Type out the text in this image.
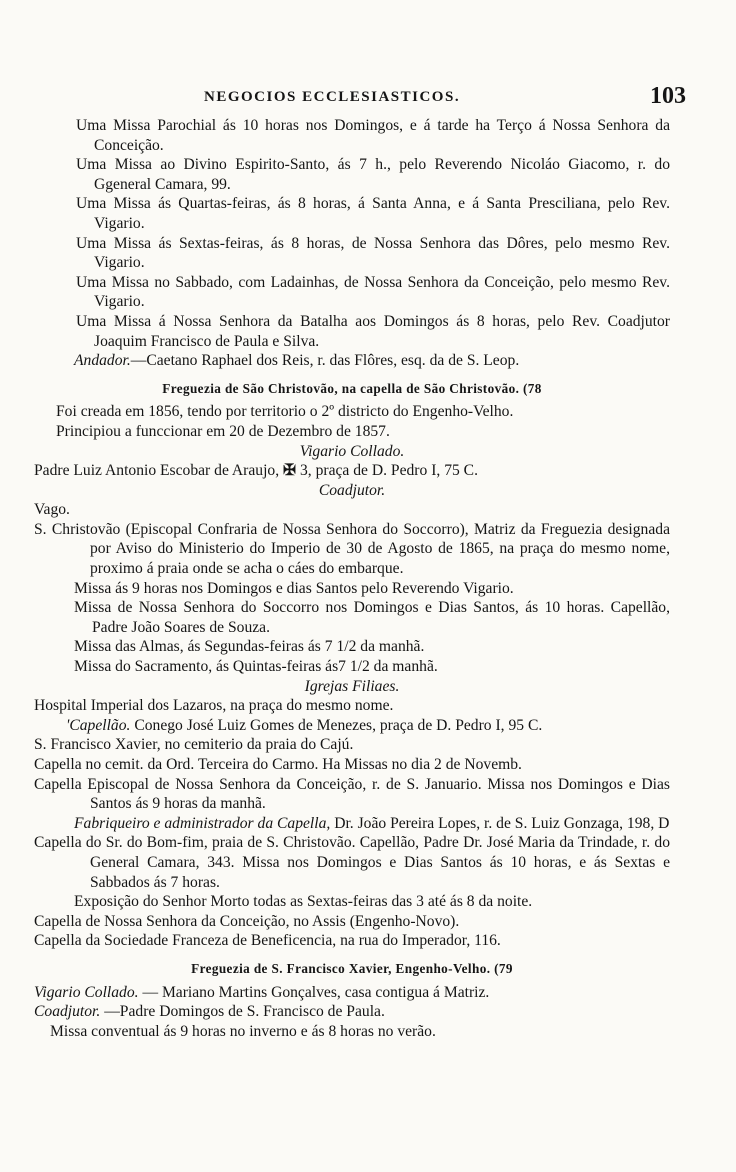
NEGOCIOS ECCLESIASTICOS.	103

Uma Missa Parochial ás 10 horas nos Domingos, e á tarde ha Terço á Nossa Senhora da Conceição.

Uma Missa ao Divino Espirito-Santo, ás 7 h., pelo Reverendo Nicoláo Giacomo, r. do Ggeneral Camara, 99.

Uma Missa ás Quartas-feiras, ás 8 horas, á Santa Anna, e á Santa Presciliana, pelo Rev. Vigario.

Uma Missa ás Sextas-feiras, ás 8 horas, de Nossa Senhora das Dôres, pelo mesmo Rev. Vigario.

Uma Missa no Sabbado, com Ladainhas, de Nossa Senhora da Conceição, pelo mesmo Rev. Vigario.

Uma Missa á Nossa Senhora da Batalha aos Domingos ás 8 horas, pelo Rev. Coadjutor Joaquim Francisco de Paula e Silva.

Andador.—Caetano Raphael dos Reis, r. das Flôres, esq. da de S. Leop.

Freguezia de São Christovão, na capella de São Christovão. (78

Foi creada em 1856, tendo por territorio o 2º districto do Engenho-Velho.

Principiou a funccionar em 20 de Dezembro de 1857.

Vigario Collado.

Padre Luiz Antonio Escobar de Araujo, ✠ 3, praça de D. Pedro I, 75 C.

Coadjutor.

Vago.

S. Christovão (Episcopal Confraria de Nossa Senhora do Soccorro), Matriz da Freguezia designada por Aviso do Ministerio do Imperio de 30 de Agosto de 1865, na praça do mesmo nome, proximo á praia onde se acha o cáes do embarque.

Missa ás 9 horas nos Domingos e dias Santos pelo Reverendo Vigario.

Missa de Nossa Senhora do Soccorro nos Domingos e Dias Santos, ás 10 horas. Capellão, Padre João Soares de Souza.

Missa das Almas, ás Segundas-feiras ás 7 1/2 da manhã.

Missa do Sacramento, ás Quintas-feiras ás7 1/2 da manhã.

Igrejas Filiaes.

Hospital Imperial dos Lazaros, na praça do mesmo nome.

'Capellão. Conego José Luiz Gomes de Menezes, praça de D. Pedro I, 95 C.

S. Francisco Xavier, no cemiterio da praia do Cajú.

Capella no cemit. da Ord. Terceira do Carmo. Ha Missas no dia 2 de Novemb.

Capella Episcopal de Nossa Senhora da Conceição, r. de S. Januario. Missa nos Domingos e Dias Santos ás 9 horas da manhã.

Fabriqueiro e administrador da Capella, Dr. João Pereira Lopes, r. de S. Luiz Gonzaga, 198, D

Capella do Sr. do Bom-fim, praia de S. Christovão. Capellão, Padre Dr. José Maria da Trindade, r. do General Camara, 343. Missa nos Domingos e Dias Santos ás 10 horas, e ás Sextas e Sabbados ás 7 horas.

Exposição do Senhor Morto todas as Sextas-feiras das 3 até ás 8 da noite.

Capella de Nossa Senhora da Conceição, no Assis (Engenho-Novo).

Capella da Sociedade Franceza de Beneficencia, na rua do Imperador, 116.

Freguezia de S. Francisco Xavier, Engenho-Velho. (79

Vigario Collado. — Mariano Martins Gonçalves, casa contigua á Matriz.

Coadjutor. —Padre Domingos de S. Francisco de Paula.

Missa conventual ás 9 horas no inverno e ás 8 horas no verão.
